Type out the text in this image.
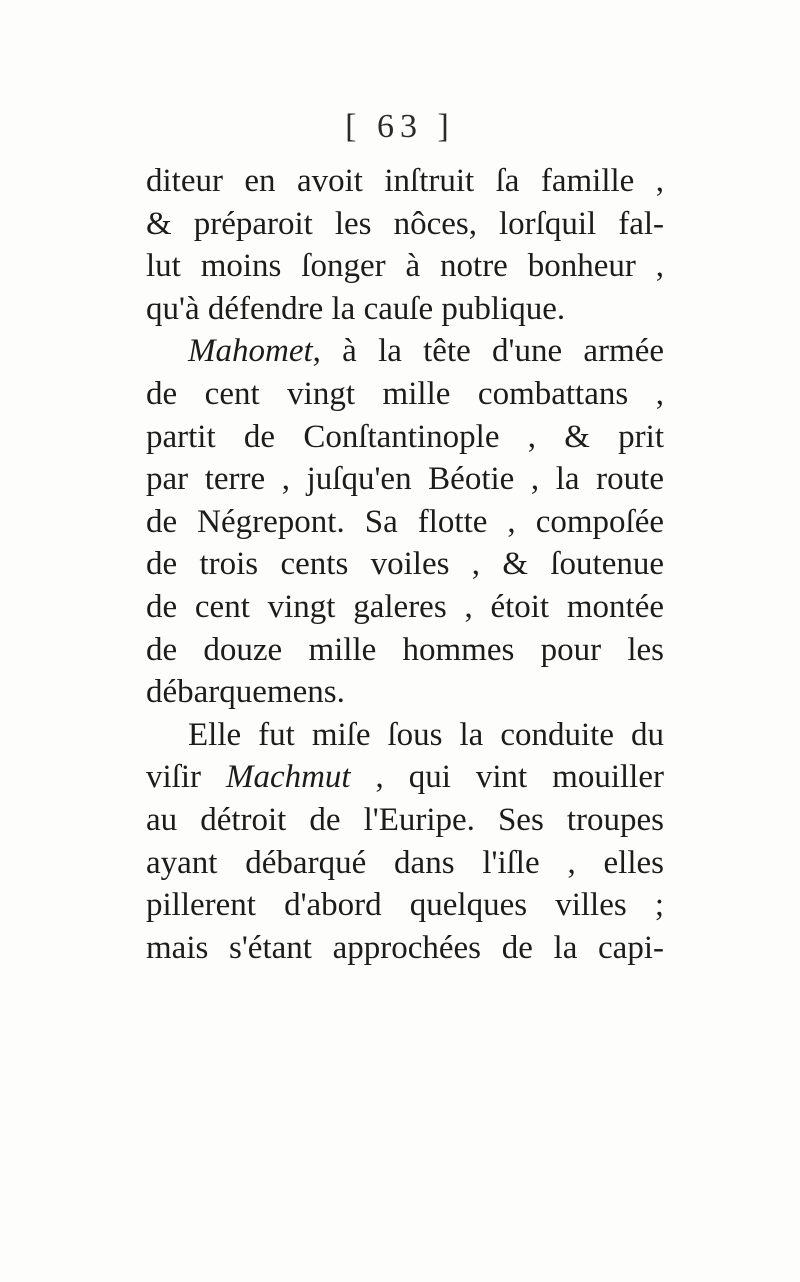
[ 63 ]
diteur en avoit inſtruit ſa famille ,
& préparoit les nôces, lorſquil fal-
lut moins ſonger à notre bonheur ,
qu'à défendre la cauſe publique.
Mahomet, à la tête d'une armée
de cent vingt mille combattans ,
partit de Conſtantinople , & prit
par terre , juſqu'en Béotie , la route
de Négrepont. Sa flotte , compoſée
de trois cents voiles , & ſoutenue
de cent vingt galeres , étoit montée
de douze mille hommes pour les
débarquemens.
Elle fut miſe ſous la conduite du
viſir Machmut , qui vint mouiller
au détroit de l'Euripe. Ses troupes
ayant débarqué dans l'iſle , elles
pillerent d'abord quelques villes ;
mais s'étant approchées de la capi-
